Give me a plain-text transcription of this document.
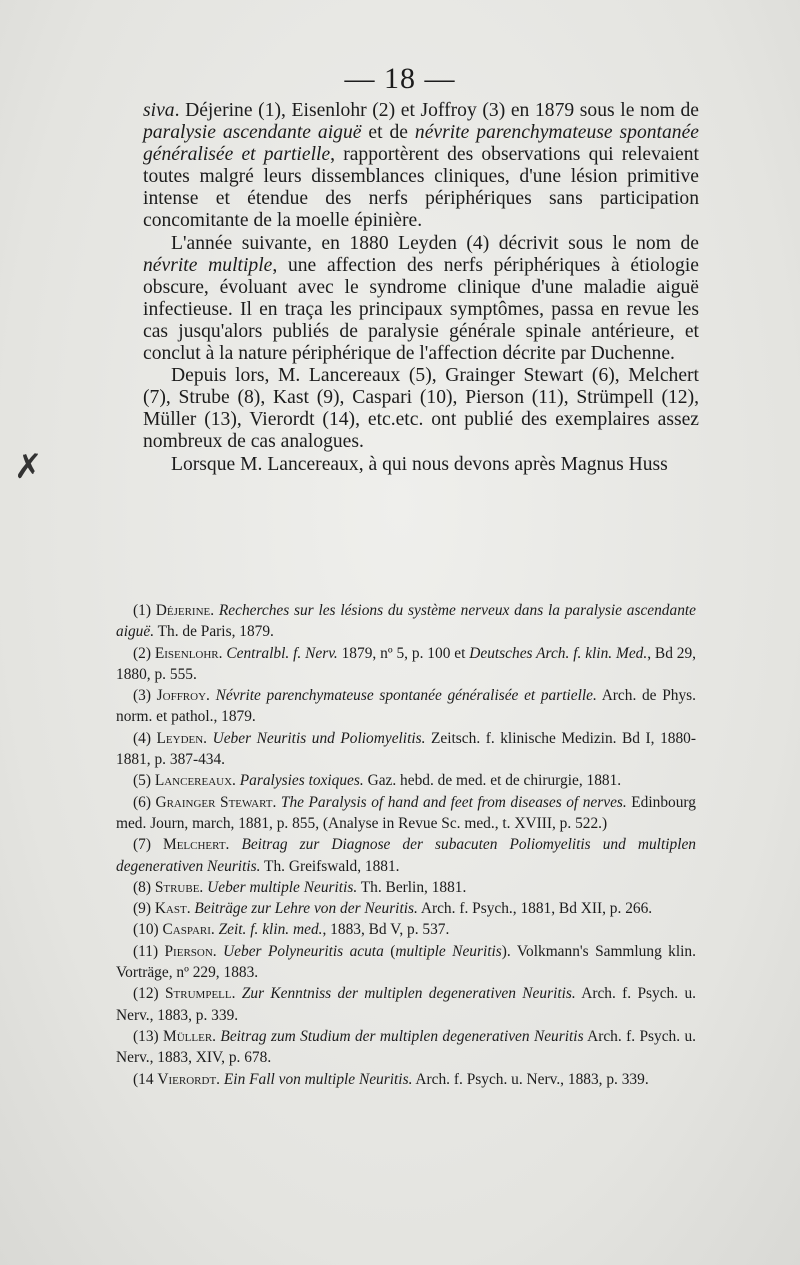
— 18 —
✗

siva. Déjerine (1), Eisenlohr (2) et Joffroy (3) en 1879 sous le nom de paralysie ascendante aiguë et de névrite parenchymateuse spontanée généralisée et partielle, rapportèrent des observations qui relevaient toutes malgré leurs dissemblances cliniques, d'une lésion primitive intense et étendue des nerfs périphériques sans participation concomitante de la moelle épinière.

L'année suivante, en 1880 Leyden (4) décrivit sous le nom de névrite multiple, une affection des nerfs périphériques à étiologie obscure, évoluant avec le syndrome clinique d'une maladie aiguë infectieuse. Il en traça les principaux symptômes, passa en revue les cas jusqu'alors publiés de paralysie générale spinale antérieure, et conclut à la nature périphérique de l'affection décrite par Duchenne.

Depuis lors, M. Lancereaux (5), Grainger Stewart (6), Melchert (7), Strube (8), Kast (9), Caspari (10), Pierson (11), Strümpell (12), Müller (13), Vierordt (14), etc.etc. ont publié des exemplaires assez nombreux de cas analogues.

Lorsque M. Lancereaux, à qui nous devons après Magnus Huss

(1) Déjerine. Recherches sur les lésions du système nerveux dans la paralysie ascendante aiguë. Th. de Paris, 1879.

(2) Eisenlohr. Centralbl. f. Nerv. 1879, nº 5, p. 100 et Deutsches Arch. f. klin. Med., Bd 29, 1880, p. 555.

(3) Joffroy. Névrite parenchymateuse spontanée généralisée et partielle. Arch. de Phys. norm. et pathol., 1879.

(4) Leyden. Ueber Neuritis und Poliomyelitis. Zeitsch. f. klinische Medizin. Bd I, 1880-1881, p. 387-434.

(5) Lancereaux. Paralysies toxiques. Gaz. hebd. de med. et de chirurgie, 1881.

(6) Grainger Stewart. The Paralysis of hand and feet from diseases of nerves. Edinbourg med. Journ, march, 1881, p. 855, (Analyse in Revue Sc. med., t. XVIII, p. 522.)

(7) Melchert. Beitrag zur Diagnose der subacuten Poliomyelitis und multiplen degenerativen Neuritis. Th. Greifswald, 1881.

(8) Strube. Ueber multiple Neuritis. Th. Berlin, 1881.

(9) Kast. Beiträge zur Lehre von der Neuritis. Arch. f. Psych., 1881, Bd XII, p. 266.

(10) Caspari. Zeit. f. klin. med., 1883, Bd V, p. 537.

(11) Pierson. Ueber Polyneuritis acuta (multiple Neuritis). Volkmann's Sammlung klin. Vorträge, nº 229, 1883.

(12) Strumpell. Zur Kenntniss der multiplen degenerativen Neuritis. Arch. f. Psych. u. Nerv., 1883, p. 339.

(13) Müller. Beitrag zum Studium der multiplen degenerativen Neuritis Arch. f. Psych. u. Nerv., 1883, XIV, p. 678.

(14 Vierordt. Ein Fall von multiple Neuritis. Arch. f. Psych. u. Nerv., 1883, p. 339.
